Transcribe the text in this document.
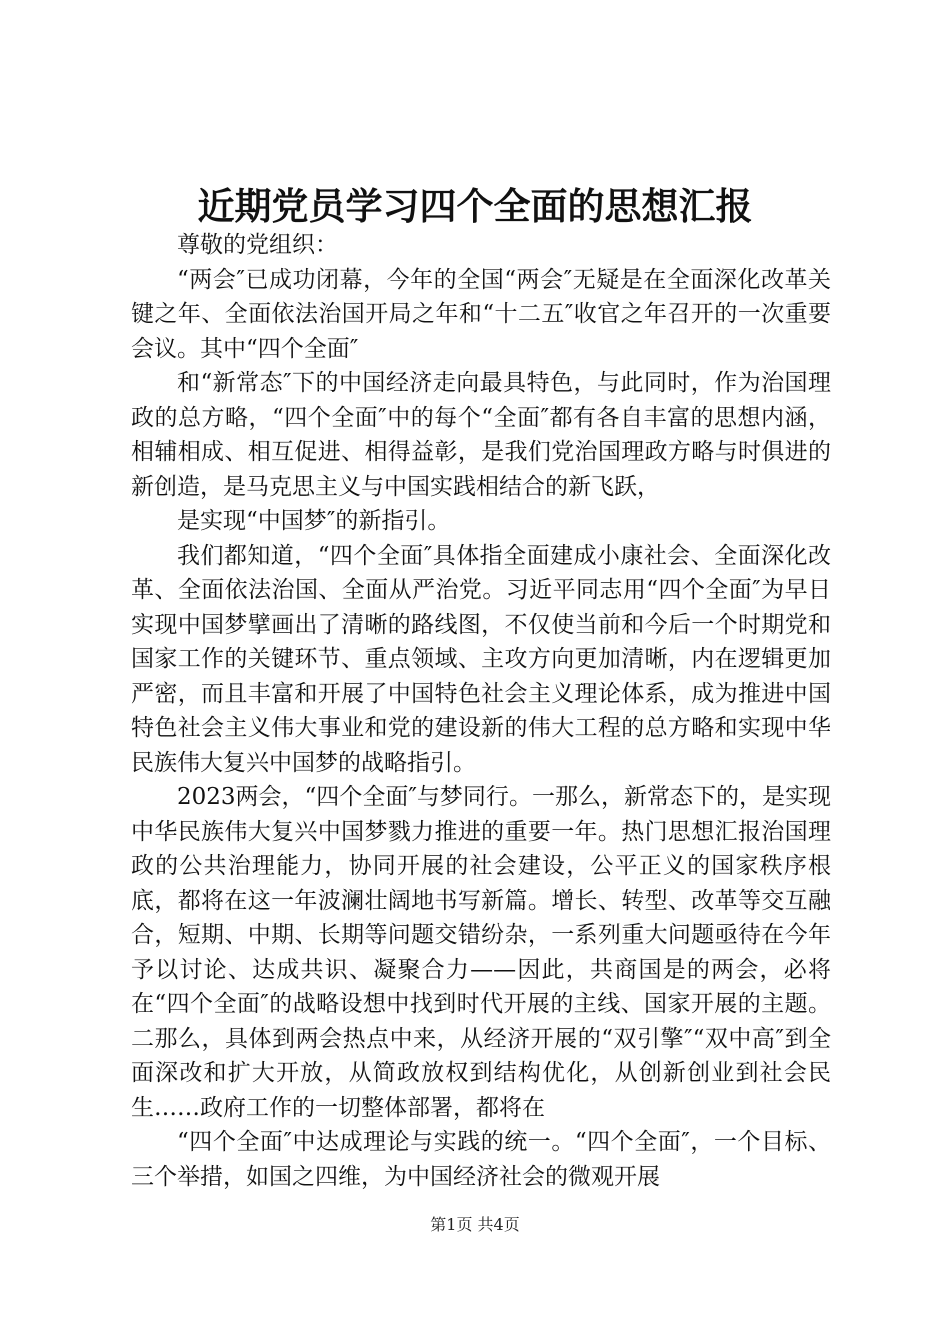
近期党员学习四个全面的思想汇报

尊敬的党组织：

“两会″已成功闭幕，今年的全国“两会″无疑是在全面深化改革关键之年、全面依法治国开局之年和“十二五″收官之年召开的一次重要会议。其中“四个全面″

和“新常态″下的中国经济走向最具特色，与此同时，作为治国理政的总方略，“四个全面″中的每个“全面″都有各自丰富的思想内涵，相辅相成、相互促进、相得益彰，是我们党治国理政方略与时俱进的新创造，是马克思主义与中国实践相结合的新飞跃，

是实现“中国梦″的新指引。

我们都知道，“四个全面″具体指全面建成小康社会、全面深化改革、全面依法治国、全面从严治党。习近平同志用“四个全面″为早日实现中国梦擘画出了清晰的路线图，不仅使当前和今后一个时期党和国家工作的关键环节、重点领域、主攻方向更加清晰，内在逻辑更加严密，而且丰富和开展了中国特色社会主义理论体系，成为推进中国特色社会主义伟大事业和党的建设新的伟大工程的总方略和实现中华民族伟大复兴中国梦的战略指引。

2023两会，“四个全面″与梦同行。一那么，新常态下的，是实现中华民族伟大复兴中国梦戮力推进的重要一年。热门思想汇报治国理政的公共治理能力，协同开展的社会建设，公平正义的国家秩序根底，都将在这一年波澜壮阔地书写新篇。增长、转型、改革等交互融合，短期、中期、长期等问题交错纷杂，一系列重大问题亟待在今年予以讨论、达成共识、凝聚合力——因此，共商国是的两会，必将在“四个全面″的战略设想中找到时代开展的主线、国家开展的主题。二那么，具体到两会热点中来，从经济开展的“双引擎″“双中高″到全面深改和扩大开放，从简政放权到结构优化，从创新创业到社会民生……政府工作的一切整体部署，都将在

“四个全面″中达成理论与实践的统一。“四个全面″，一个目标、三个举措，如国之四维，为中国经济社会的微观开展

第1页 共4页
